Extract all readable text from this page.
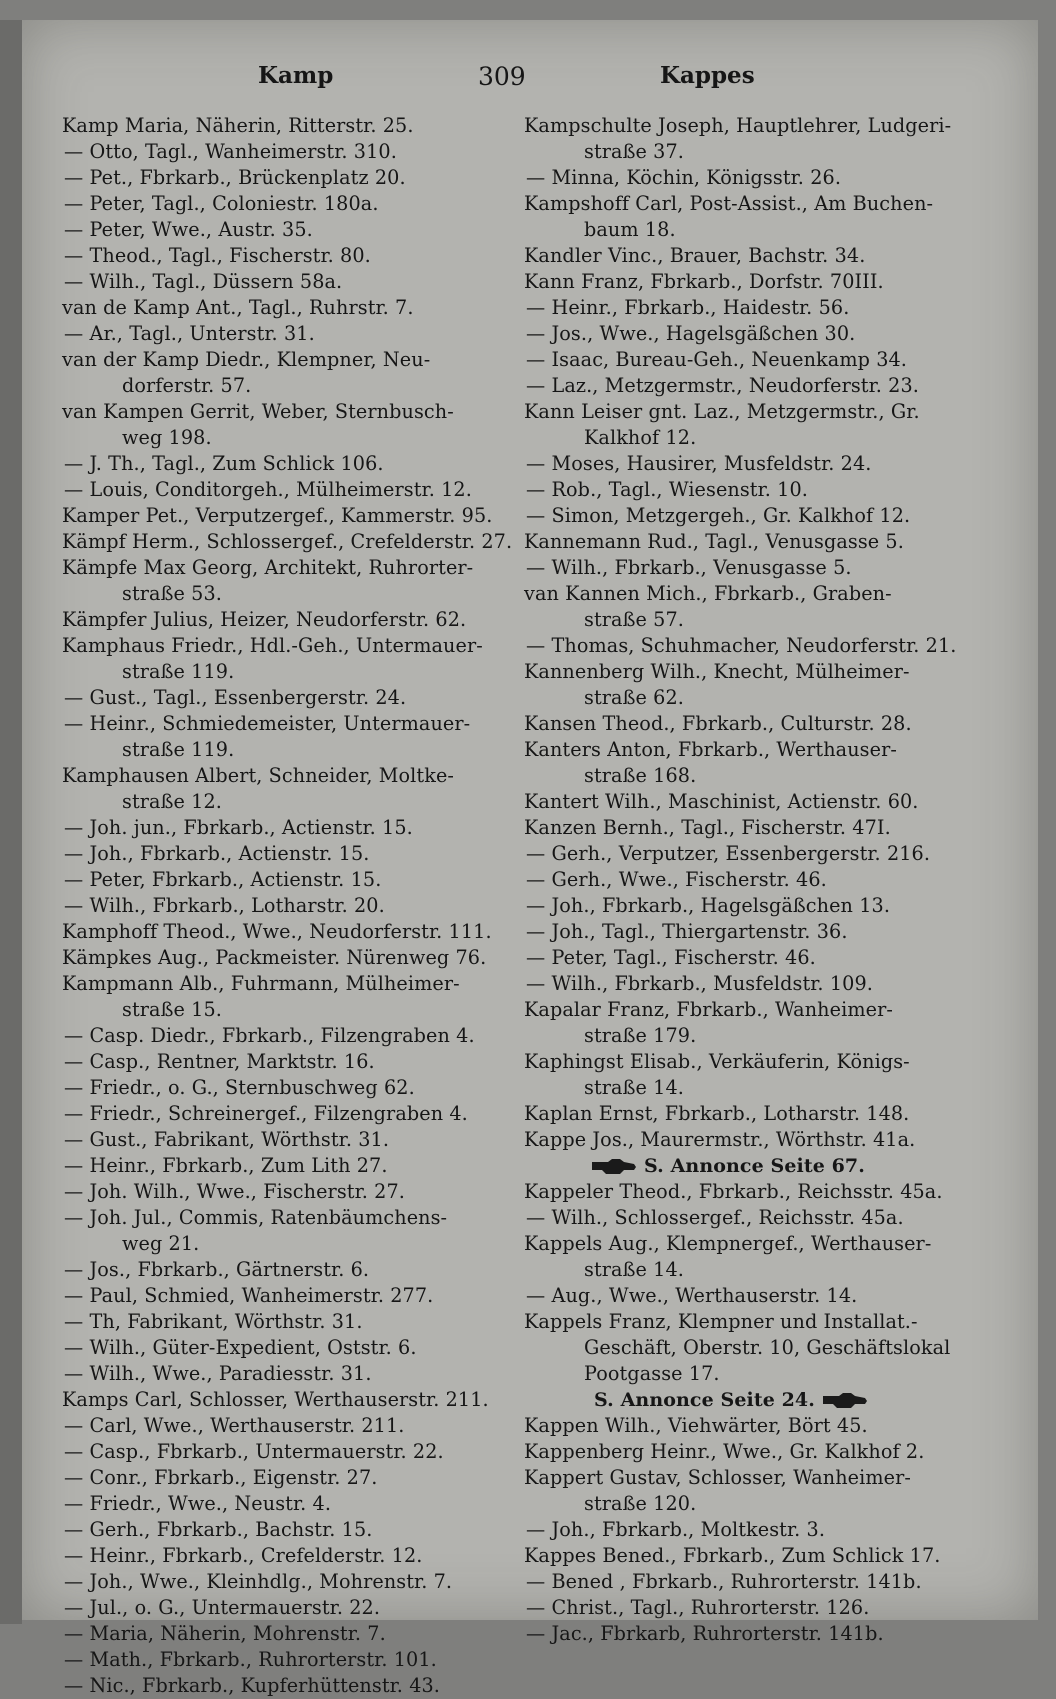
Kamp	309	Kappes
Kamp Maria, Näherin, Ritterstr. 25.
— Otto, Tagl., Wanheimerstr. 310.
— Pet., Fbrkarb., Brückenplatz 20.
— Peter, Tagl., Coloniestr. 180a.
— Peter, Wwe., Austr. 35.
— Theod., Tagl., Fischerstr. 80.
— Wilh., Tagl., Düssern 58a.
van de Kamp Ant., Tagl., Ruhrstr. 7.
— Ar., Tagl., Unterstr. 31.
van der Kamp Diedr., Klempner, Neu-
dorferstr. 57.
van Kampen Gerrit, Weber, Sternbusch-
weg 198.
— J. Th., Tagl., Zum Schlick 106.
— Louis, Conditorgeh., Mülheimerstr. 12.
Kamper Pet., Verputzergef., Kammerstr. 95.
Kämpf Herm., Schlossergef., Crefelderstr. 27.
Kämpfe Max Georg, Architekt, Ruhrorter-
straße 53.
Kämpfer Julius, Heizer, Neudorferstr. 62.
Kamphaus Friedr., Hdl.-Geh., Untermauer-
straße 119.
— Gust., Tagl., Essenbergerstr. 24.
— Heinr., Schmiedemeister, Untermauer-
straße 119.
Kamphausen Albert, Schneider, Moltke-
straße 12.
— Joh. jun., Fbrkarb., Actienstr. 15.
— Joh., Fbrkarb., Actienstr. 15.
— Peter, Fbrkarb., Actienstr. 15.
— Wilh., Fbrkarb., Lotharstr. 20.
Kamphoff Theod., Wwe., Neudorferstr. 111.
Kämpkes Aug., Packmeister. Nürenweg 76.
Kampmann Alb., Fuhrmann, Mülheimer-
straße 15.
— Casp. Diedr., Fbrkarb., Filzengraben 4.
— Casp., Rentner, Marktstr. 16.
— Friedr., o. G., Sternbuschweg 62.
— Friedr., Schreinergef., Filzengraben 4.
— Gust., Fabrikant, Wörthstr. 31.
— Heinr., Fbrkarb., Zum Lith 27.
— Joh. Wilh., Wwe., Fischerstr. 27.
— Joh. Jul., Commis, Ratenbäumchens-
weg 21.
— Jos., Fbrkarb., Gärtnerstr. 6.
— Paul, Schmied, Wanheimerstr. 277.
— Th, Fabrikant, Wörthstr. 31.
— Wilh., Güter-Expedient, Oststr. 6.
— Wilh., Wwe., Paradiesstr. 31.
Kamps Carl, Schlosser, Werthauserstr. 211.
— Carl, Wwe., Werthauserstr. 211.
— Casp., Fbrkarb., Untermauerstr. 22.
— Conr., Fbrkarb., Eigenstr. 27.
— Friedr., Wwe., Neustr. 4.
— Gerh., Fbrkarb., Bachstr. 15.
— Heinr., Fbrkarb., Crefelderstr. 12.
— Joh., Wwe., Kleinhdlg., Mohrenstr. 7.
— Jul., o. G., Untermauerstr. 22.
— Maria, Näherin, Mohrenstr. 7.
— Math., Fbrkarb., Ruhrorterstr. 101.
— Nic., Fbrkarb., Kupferhüttenstr. 43.
Kampschulte Joseph, Hauptlehrer, Ludgeri-
straße 37.
— Minna, Köchin, Königsstr. 26.
Kampshoff Carl, Post-Assist., Am Buchen-
baum 18.
Kandler Vinc., Brauer, Bachstr. 34.
Kann Franz, Fbrkarb., Dorfstr. 70III.
— Heinr., Fbrkarb., Haidestr. 56.
— Jos., Wwe., Hagelsgäßchen 30.
— Isaac, Bureau-Geh., Neuenkamp 34.
— Laz., Metzgermstr., Neudorferstr. 23.
Kann Leiser gnt. Laz., Metzgermstr., Gr.
Kalkhof 12.
— Moses, Hausirer, Musfeldstr. 24.
— Rob., Tagl., Wiesenstr. 10.
— Simon, Metzgergeh., Gr. Kalkhof 12.
Kannemann Rud., Tagl., Venusgasse 5.
— Wilh., Fbrkarb., Venusgasse 5.
van Kannen Mich., Fbrkarb., Graben-
straße 57.
— Thomas, Schuhmacher, Neudorferstr. 21.
Kannenberg Wilh., Knecht, Mülheimer-
straße 62.
Kansen Theod., Fbrkarb., Culturstr. 28.
Kanters Anton, Fbrkarb., Werthauser-
straße 168.
Kantert Wilh., Maschinist, Actienstr. 60.
Kanzen Bernh., Tagl., Fischerstr. 47I.
— Gerh., Verputzer, Essenbergerstr. 216.
— Gerh., Wwe., Fischerstr. 46.
— Joh., Fbrkarb., Hagelsgäßchen 13.
— Joh., Tagl., Thiergartenstr. 36.
— Peter, Tagl., Fischerstr. 46.
— Wilh., Fbrkarb., Musfeldstr. 109.
Kapalar Franz, Fbrkarb., Wanheimer-
straße 179.
Kaphingst Elisab., Verkäuferin, Königs-
straße 14.
Kaplan Ernst, Fbrkarb., Lotharstr. 148.
Kappe Jos., Maurermstr., Wörthstr. 41a.
S. Annonce Seite 67.
Kappeler Theod., Fbrkarb., Reichsstr. 45a.
— Wilh., Schlossergef., Reichsstr. 45a.
Kappels Aug., Klempnergef., Werthauser-
straße 14.
— Aug., Wwe., Werthauserstr. 14.
Kappels Franz, Klempner und Installat.-
Geschäft, Oberstr. 10, Geschäftslokal
Pootgasse 17.
S. Annonce Seite 24.
Kappen Wilh., Viehwärter, Bört 45.
Kappenberg Heinr., Wwe., Gr. Kalkhof 2.
Kappert Gustav, Schlosser, Wanheimer-
straße 120.
— Joh., Fbrkarb., Moltkestr. 3.
Kappes Bened., Fbrkarb., Zum Schlick 17.
— Bened , Fbrkarb., Ruhrorterstr. 141b.
— Christ., Tagl., Ruhrorterstr. 126.
— Jac., Fbrkarb, Ruhrorterstr. 141b.
